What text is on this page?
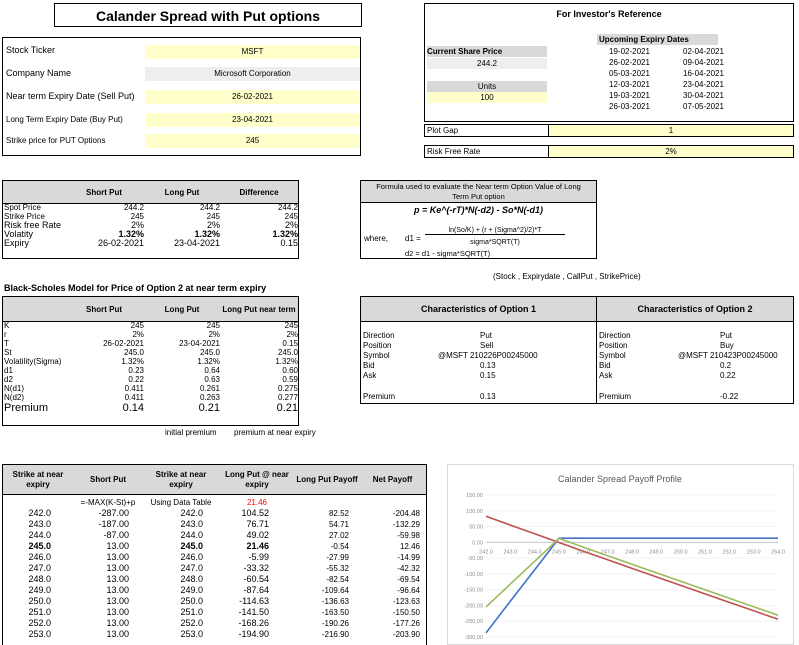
Calander Spread with Put options
Stock Ticker	MSFT
Company Name	Microsoft Corporation
Near term Expiry Date (Sell Put)	26-02-2021
Long Term Expiry Date (Buy Put)	23-04-2021
Strike price for PUT Options	245
For Investor's Reference
Current Share Price
244.2
Units
100
Upcoming Expiry Dates
19-02-2021	02-04-2021
26-02-2021	09-04-2021
05-03-2021	16-04-2021
12-03-2021	23-04-2021
19-03-2021	30-04-2021
26-03-2021	07-05-2021
Plot Gap	1
Risk Free Rate	2%
	Short Put	Long Put	Difference
Spot Price	244.2	244.2	244.2
Strike Price	245	245	245
Risk free Rate	2%	2%	2%
Volatity	1.32%	1.32%	1.32%
Expiry	26-02-2021	23-04-2021	0.15
Formula used to evaluate the Near term Option Value of Long Term Put option
p = Ke^(-rT)*N(-d2) - So*N(-d1)
where, d1 =
ln(So/K) + (r + (Sigma^2)/2)*T
sigma*SQRT(T)
d2 = d1 - sigma*SQRT(T)
(Stock , Expirydate , CallPut , StrikePrice)
Black-Scholes Model for Price of Option 2 at near term expiry
	Short Put	Long Put	Long Put near term
K	245	245	245
r	2%	2%	2%
T	26-02-2021	23-04-2021	0.15
St	245.0	245.0	245.0
Volatility(Sigma)	1.32%	1.32%	1.32%
d1	0.23	0.64	0.60
d2	0.22	0.63	0.59
N(d1)	0.411	0.261	0.275
N(d2)	0.411	0.263	0.277
Premium	0.14	0.21	0.21
initial premium premium at near expiry
Characteristics of Option 1
Direction	Put
Position	Sell
Symbol	@MSFT 210226P00245000
Bid	0.13
Ask	0.15
Premium	0.13
Characteristics of Option 2
Direction	Put
Position	Buy
Symbol	@MSFT 210423P00245000
Bid	0.2
Ask	0.22
Premium	-0.22
Strike at near expiry	Short Put	Strike at near expiry	Long Put @ near expiry	Long Put Payoff	Net Payoff
	=-MAX(K-St)+p	Using Data Table	21.46		
242.0	-287.00	242.0	104.52	82.52	-204.48
243.0	-187.00	243.0	76.71	54.71	-132.29
244.0	-87.00	244.0	49.02	27.02	-59.98
245.0	13.00	245.0	21.46	-0.54	12.46
246.0	13.00	246.0	-5.99	-27.99	-14.99
247.0	13.00	247.0	-33.32	-55.32	-42.32
248.0	13.00	248.0	-60.54	-82.54	-69.54
249.0	13.00	249.0	-87.64	-109.64	-96.64
250.0	13.00	250.0	-114.63	-136.63	-123.63
251.0	13.00	251.0	-141.50	-163.50	-150.50
252.0	13.00	252.0	-168.26	-190.26	-177.26
253.0	13.00	253.0	-194.90	-216.90	-203.90
Calander Spread Payoff Profile
150.00
100.00
50.00
0.00
-50.00
-100.00
-150.00
-200.00
-250.00
-300.00
242.0 243.0 244.0 245.0 246.0 247.0 248.0 249.0 250.0 251.0 252.0 253.0 254.0
